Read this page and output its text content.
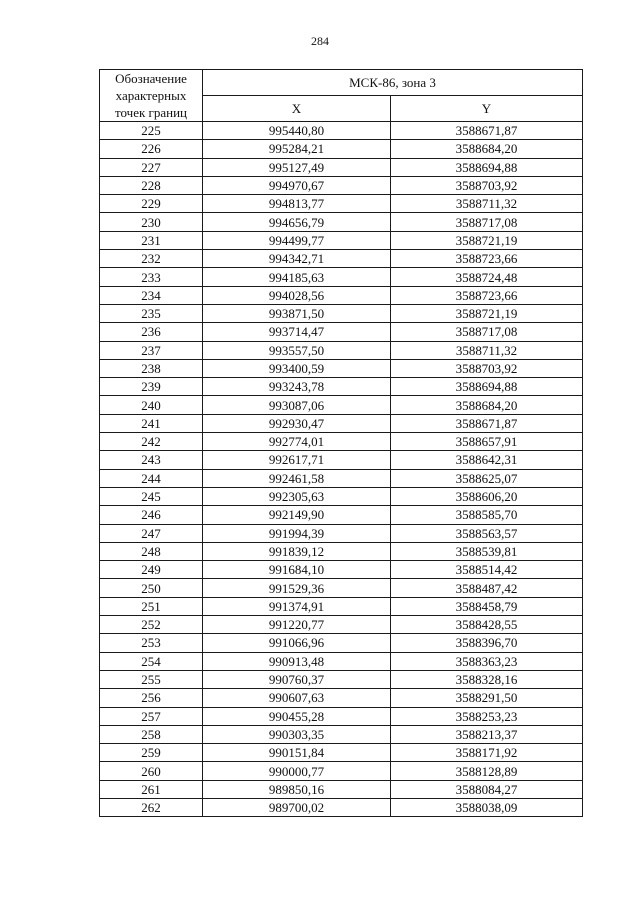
284
Обозначение
характерных
точек границ	МСК-86, зона 3	
	X	Y
225	995440,80	3588671,87
226	995284,21	3588684,20
227	995127,49	3588694,88
228	994970,67	3588703,92
229	994813,77	3588711,32
230	994656,79	3588717,08
231	994499,77	3588721,19
232	994342,71	3588723,66
233	994185,63	3588724,48
234	994028,56	3588723,66
235	993871,50	3588721,19
236	993714,47	3588717,08
237	993557,50	3588711,32
238	993400,59	3588703,92
239	993243,78	3588694,88
240	993087,06	3588684,20
241	992930,47	3588671,87
242	992774,01	3588657,91
243	992617,71	3588642,31
244	992461,58	3588625,07
245	992305,63	3588606,20
246	992149,90	3588585,70
247	991994,39	3588563,57
248	991839,12	3588539,81
249	991684,10	3588514,42
250	991529,36	3588487,42
251	991374,91	3588458,79
252	991220,77	3588428,55
253	991066,96	3588396,70
254	990913,48	3588363,23
255	990760,37	3588328,16
256	990607,63	3588291,50
257	990455,28	3588253,23
258	990303,35	3588213,37
259	990151,84	3588171,92
260	990000,77	3588128,89
261	989850,16	3588084,27
262	989700,02	3588038,09
